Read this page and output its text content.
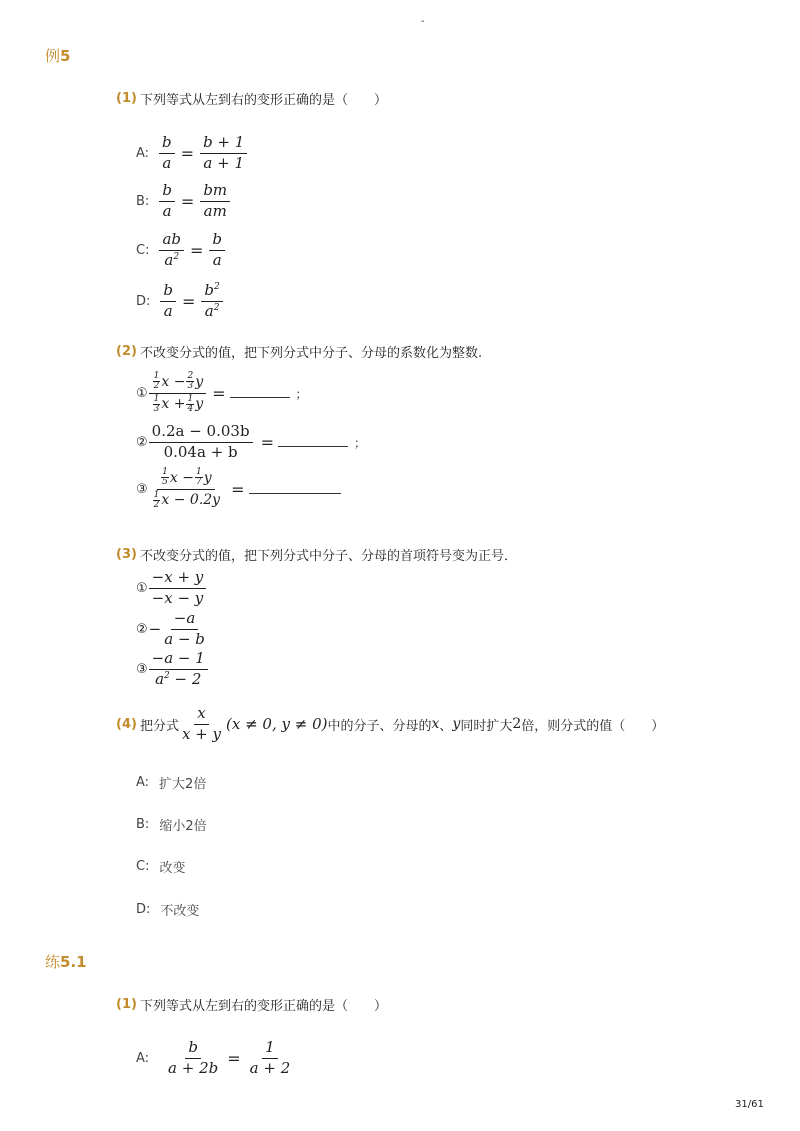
-
例5
(1) 下列等式从左到右的变形正确的是（　　）
A: $\frac{b}{a} = \frac{b + 1}{a + 1}$
B: $\frac{b}{a} = \frac{bm}{am}$
C: $\frac{ab}{a^2} = \frac{b}{a}$
D: $\frac{b}{a} = \frac{b^2}{a^2}$
(2) 不改变分式的值，把下列分式中分子、分母的系数化为整数.
① $\frac{\frac{1}{2} x - \frac{2}{3} y}{\frac{1}{3} x + \frac{1}{4} y}$ =	；
② $\frac{0.2a - 0.03b}{0.04a + b}$ =	；
③ $\frac{\frac{1}{5} x - \frac{1}{7} y}{\frac{1}{2} x - 0.2y}$ =
(3) 不改变分式的值，把下列分式中分子、分母的首项符号变为正号．
① $\frac{-x + y}{-x - y}$
② − $\frac{-a}{a - b}$
③ $\frac{-a - 1}{a^2 - 2}$
(4) 把分式 $\frac{x}{x + y} (x \ne 0$, y ≠ 0) 中的分子、分母的 x 、 y 同时扩大 2 倍，则分式的值（　　）
A: 扩大2倍
B: 缩小2倍
C: 改变
D: 不改变
练5.1
(1) 下列等式从左到右的变形正确的是（　　）
A: $\frac{b}{a + 2b} = \frac{1}{a + 2}$
31/61
